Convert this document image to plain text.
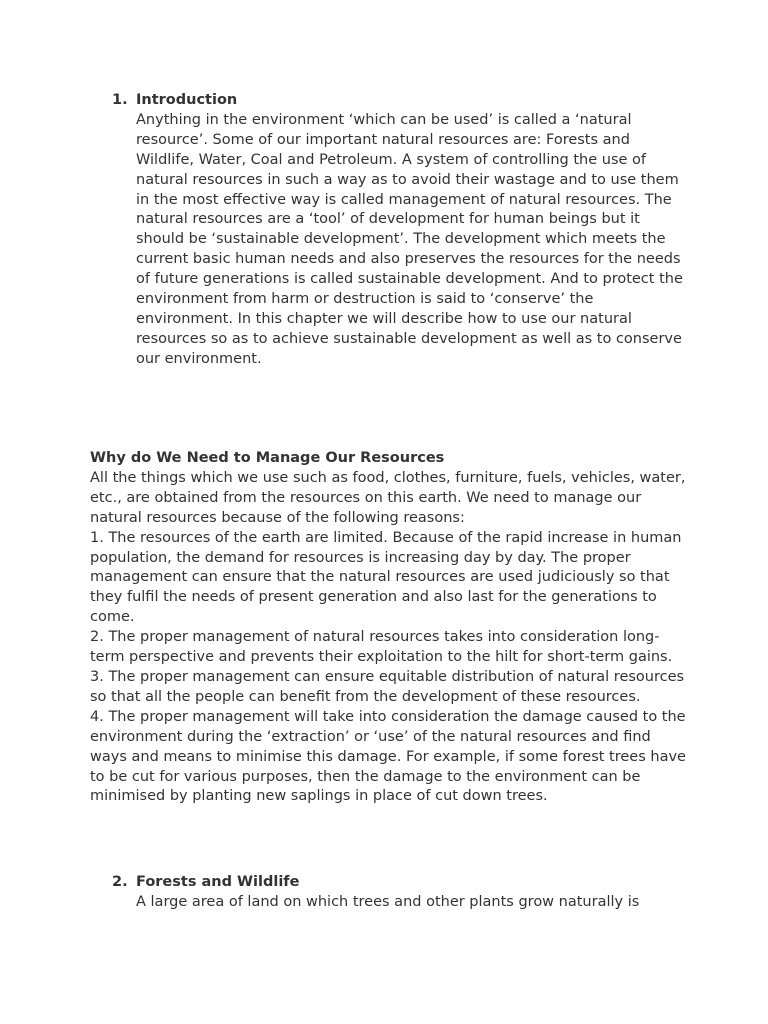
1. Introduction
Anything in the environment ‘which can be used’ is called a ‘natural resource’. Some of our important natural resources are: Forests and Wildlife, Water, Coal and Petroleum. A system of controlling the use of natural resources in such a way as to avoid their wastage and to use them in the most effective way is called management of natural resources. The natural resources are a ‘tool’ of development for human beings but it should be ‘sustainable development’. The development which meets the current basic human needs and also preserves the resources for the needs of future generations is called sustainable development. And to protect the environment from harm or destruction is said to ‘conserve’ the environment. In this chapter we will describe how to use our natural resources so as to achieve sustainable development as well as to conserve our environment.
Why do We Need to Manage Our Resources
All the things which we use such as food, clothes, furniture, fuels, vehicles, water, etc., are obtained from the resources on this earth. We need to manage our natural resources because of the following reasons:
1. The resources of the earth are limited. Because of the rapid increase in human population, the demand for resources is increasing day by day. The proper management can ensure that the natural resources are used judiciously so that they fulfil the needs of present generation and also last for the generations to come.
2. The proper management of natural resources takes into consideration long-term perspective and prevents their exploitation to the hilt for short-term gains.
3. The proper management can ensure equitable distribution of natural resources so that all the people can benefit from the development of these resources.
4. The proper management will take into consideration the damage caused to the environment during the ‘extraction’ or ‘use’ of the natural resources and find ways and means to minimise this damage. For example, if some forest trees have to be cut for various purposes, then the damage to the environment can be minimised by planting new saplings in place of cut down trees.
2. Forests and Wildlife
A large area of land on which trees and other plants grow naturally is
